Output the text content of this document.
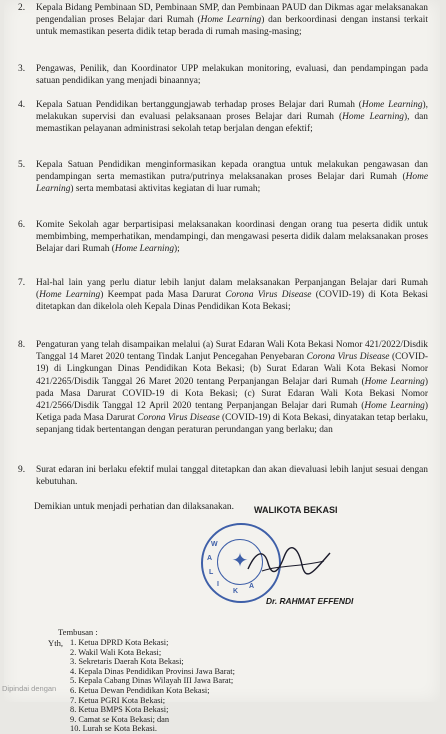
2.	Kepala Bidang Pembinaan SD, Pembinaan SMP, dan Pembinaan PAUD dan Dikmas agar melaksanakan pengendalian proses Belajar dari Rumah (Home Learning) dan berkoordinasi dengan instansi terkait untuk memastikan peserta didik tetap berada di rumah masing-masing;
3.	Pengawas, Penilik, dan Koordinator UPP melakukan monitoring, evaluasi, dan pendampingan pada satuan pendidikan yang menjadi binaannya;
4.	Kepala Satuan Pendidikan bertanggungjawab terhadap proses Belajar dari Rumah (Home Learning), melakukan supervisi dan evaluasi pelaksanaan proses Belajar dari Rumah (Home Learning), dan memastikan pelayanan administrasi sekolah tetap berjalan dengan efektif;
5.	Kepala Satuan Pendidikan menginformasikan kepada orangtua untuk melakukan pengawasan dan pendampingan serta memastikan putra/putrinya melaksanakan proses Belajar dari Rumah (Home Learning) serta membatasi aktivitas kegiatan di luar rumah;
6.	Komite Sekolah agar berpartisipasi melaksanakan koordinasi dengan orang tua peserta didik untuk membimbing, memperhatikan, mendampingi, dan mengawasi peserta didik dalam melaksanakan proses Belajar dari Rumah (Home Learning);
7.	Hal-hal lain yang perlu diatur lebih lanjut dalam melaksanakan Perpanjangan Belajar dari Rumah (Home Learning) Keempat pada Masa Darurat Corona Virus Disease (COVID-19) di Kota Bekasi ditetapkan dan dikelola oleh Kepala Dinas Pendidikan Kota Bekasi;
8.	Pengaturan yang telah disampaikan melalui (a) Surat Edaran Wali Kota Bekasi Nomor 421/2022/Disdik Tanggal 14 Maret 2020 tentang Tindak Lanjut Pencegahan Penyebaran Corona Virus Disease (COVID-19) di Lingkungan Dinas Pendidikan Kota Bekasi; (b) Surat Edaran Wali Kota Bekasi Nomor 421/2265/Disdik Tanggal 26 Maret 2020 tentang Perpanjangan Belajar dari Rumah (Home Learning) pada Masa Darurat COVID-19 di Kota Bekasi; (c) Surat Edaran Wali Kota Bekasi Nomor 421/2566/Disdik Tanggal 12 April 2020 tentang Perpanjangan Belajar dari Rumah (Home Learning) Ketiga pada Masa Darurat Corona Virus Disease (COVID-19) di Kota Bekasi, dinyatakan tetap berlaku, sepanjang tidak bertentangan dengan peraturan perundangan yang berlaku; dan
9.	Surat edaran ini berlaku efektif mulai tanggal ditetapkan dan akan dievaluasi lebih lanjut sesuai dengan kebutuhan.
Demikian untuk menjadi perhatian dan dilaksanakan. WALIKOTA BEKASI
W
A
L
I
K
A
✦
Dr. RAHMAT EFFENDI
Tembusan :
Yth, 1. Ketua DPRD Kota Bekasi;
2. Wakil Wali Kota Bekasi;
3. Sekretaris Daerah Kota Bekasi;
4. Kepala Dinas Pendidikan Provinsi Jawa Barat;
5. Kepala Cabang Dinas Wilayah III Jawa Barat;
6. Ketua Dewan Pendidikan Kota Bekasi;
7. Ketua PGRI Kota Bekasi;
8. Ketua BMPS Kota Bekasi;
9. Camat se Kota Bekasi; dan
10. Lurah se Kota Bekasi.
Dipindai dengan
